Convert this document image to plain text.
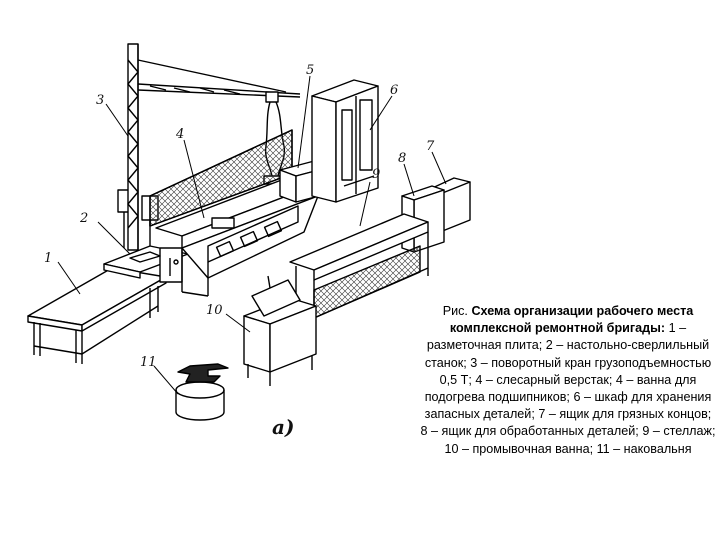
1
2
3
4
5
6
7
8
9
10
11
а)

Рис. Схема организации рабочего места комплексной ремонтной бригады: 1 – разметочная плита; 2 – настольно-сверлильный станок; 3 – поворотный кран грузоподъемностью 0,5 Т; 4 – слесарный верстак; 4 – ванна для подогрева подшипников; 6 – шкаф для хранения запасных деталей; 7 – ящик для грязных концов; 8 – ящик для обработанных деталей; 9 – стеллаж; 10 – промывочная ванна; 11 – наковальня
